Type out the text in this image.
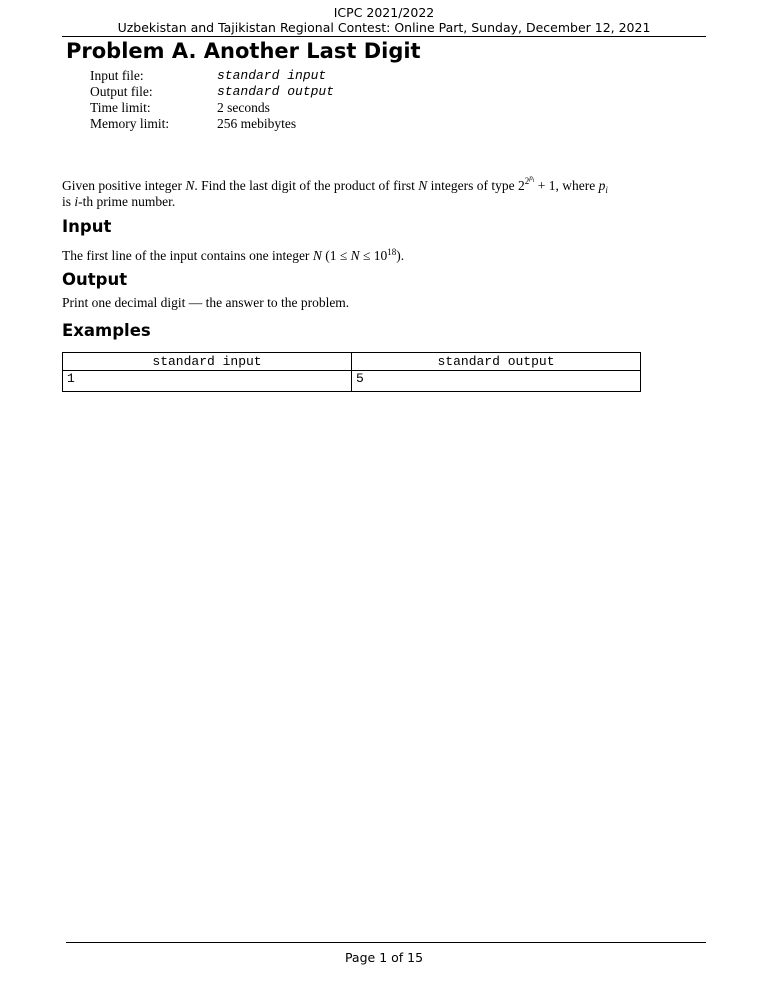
ICPC 2021/2022
Uzbekistan and Tajikistan Regional Contest: Online Part, Sunday, December 12, 2021
Problem A. Another Last Digit
Input file:	standard input
Output file:	standard output
Time limit:	2 seconds
Memory limit:	256 mebibytes

Given positive integer N. Find the last digit of the product of first N integers of type $2^{2^{p_i}} + 1$, where $p_i$
is i-th prime number.

Input

The first line of the input contains one integer N $(1 \le N \le 10^{18})$.

Output

Print one decimal digit — the answer to the problem.

Examples
standard input	standard output
1	5
Page 1 of 15
